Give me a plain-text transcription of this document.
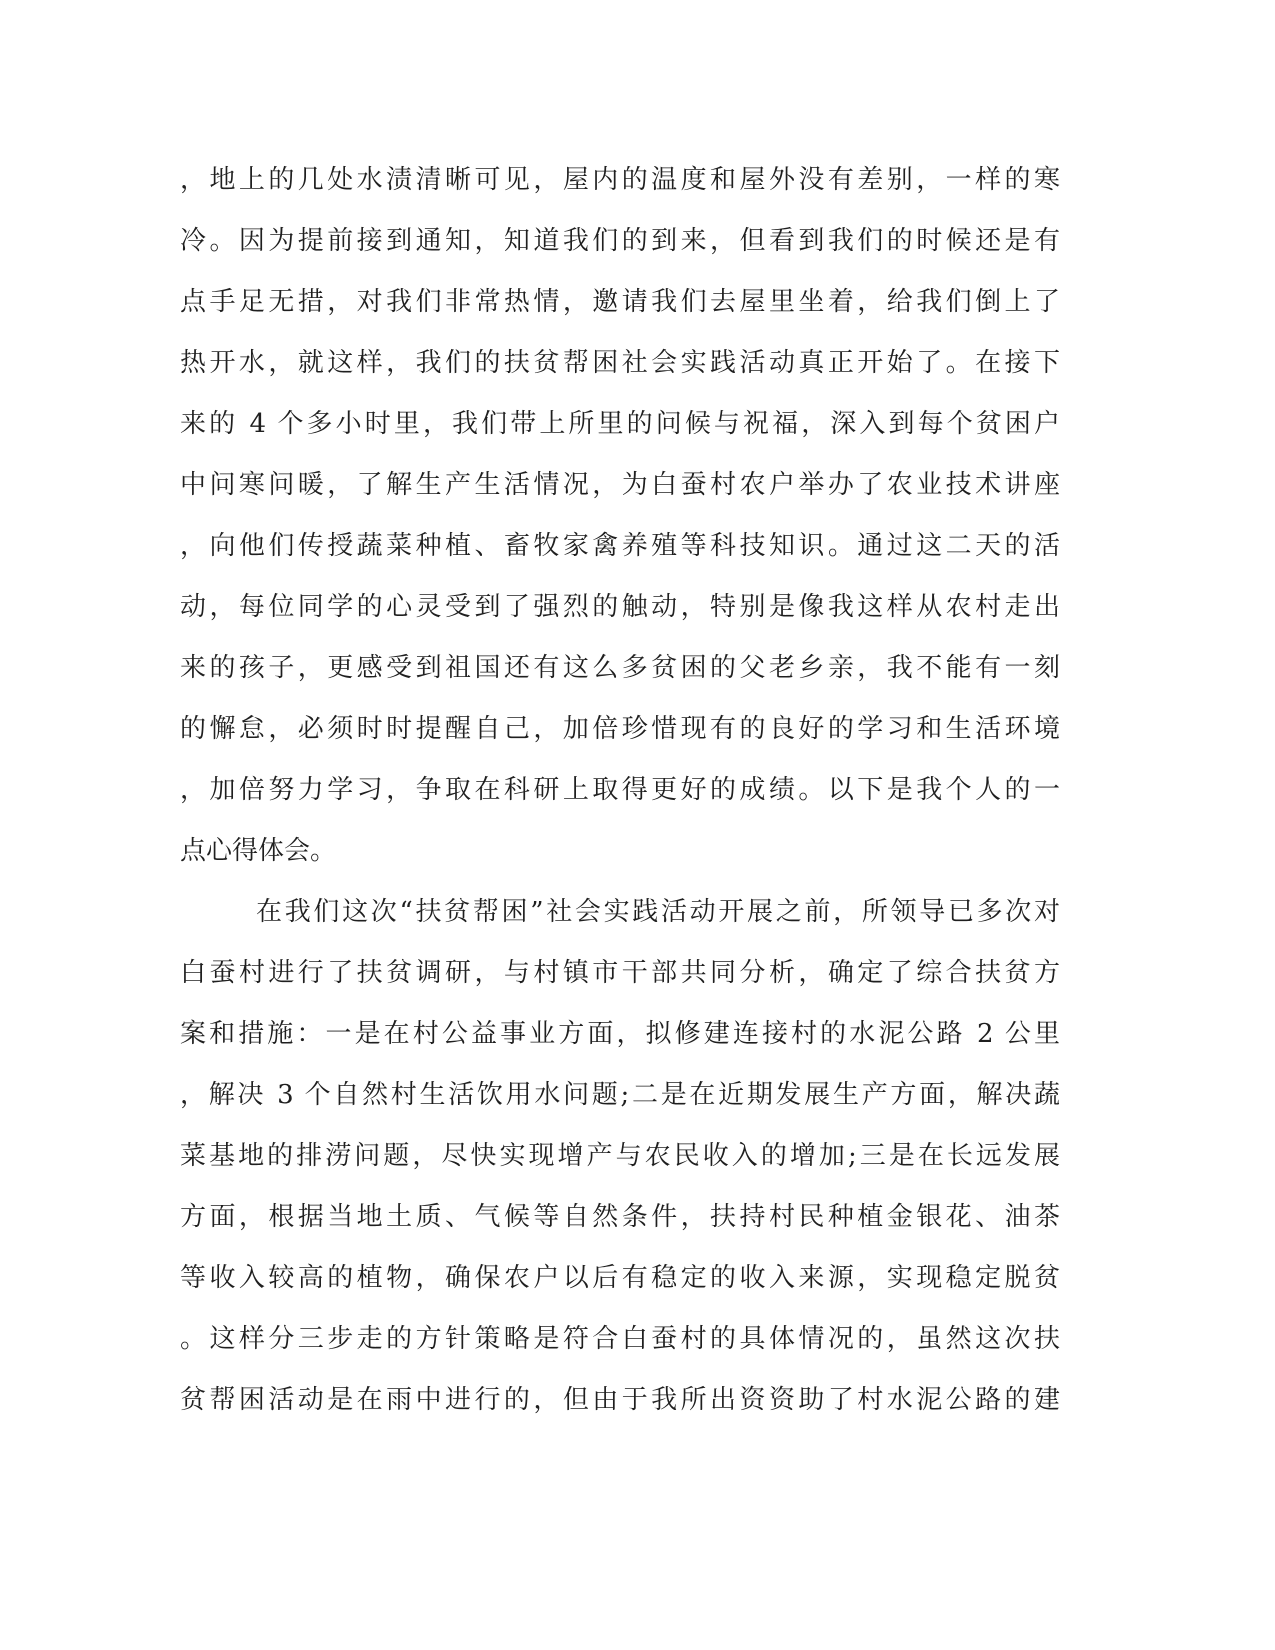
，地上的几处水渍清晰可见，屋内的温度和屋外没有差别，一样的寒
冷。因为提前接到通知，知道我们的到来，但看到我们的时候还是有
点手足无措，对我们非常热情，邀请我们去屋里坐着，给我们倒上了
热开水，就这样，我们的扶贫帮困社会实践活动真正开始了。在接下
来的 4 个多小时里，我们带上所里的问候与祝福，深入到每个贫困户
中问寒问暖，了解生产生活情况，为白蚕村农户举办了农业技术讲座
，向他们传授蔬菜种植、畜牧家禽养殖等科技知识。通过这二天的活
动，每位同学的心灵受到了强烈的触动，特别是像我这样从农村走出
来的孩子，更感受到祖国还有这么多贫困的父老乡亲，我不能有一刻
的懈怠，必须时时提醒自己，加倍珍惜现有的良好的学习和生活环境
，加倍努力学习，争取在科研上取得更好的成绩。以下是我个人的一
点心得体会。
在我们这次“扶贫帮困”社会实践活动开展之前，所领导已多次对
白蚕村进行了扶贫调研，与村镇市干部共同分析，确定了综合扶贫方
案和措施：一是在村公益事业方面，拟修建连接村的水泥公路 2 公里
，解决 3 个自然村生活饮用水问题;二是在近期发展生产方面，解决蔬
菜基地的排涝问题，尽快实现增产与农民收入的增加;三是在长远发展
方面，根据当地土质、气候等自然条件，扶持村民种植金银花、油茶
等收入较高的植物，确保农户以后有稳定的收入来源，实现稳定脱贫
。这样分三步走的方针策略是符合白蚕村的具体情况的，虽然这次扶
贫帮困活动是在雨中进行的，但由于我所出资资助了村水泥公路的建
